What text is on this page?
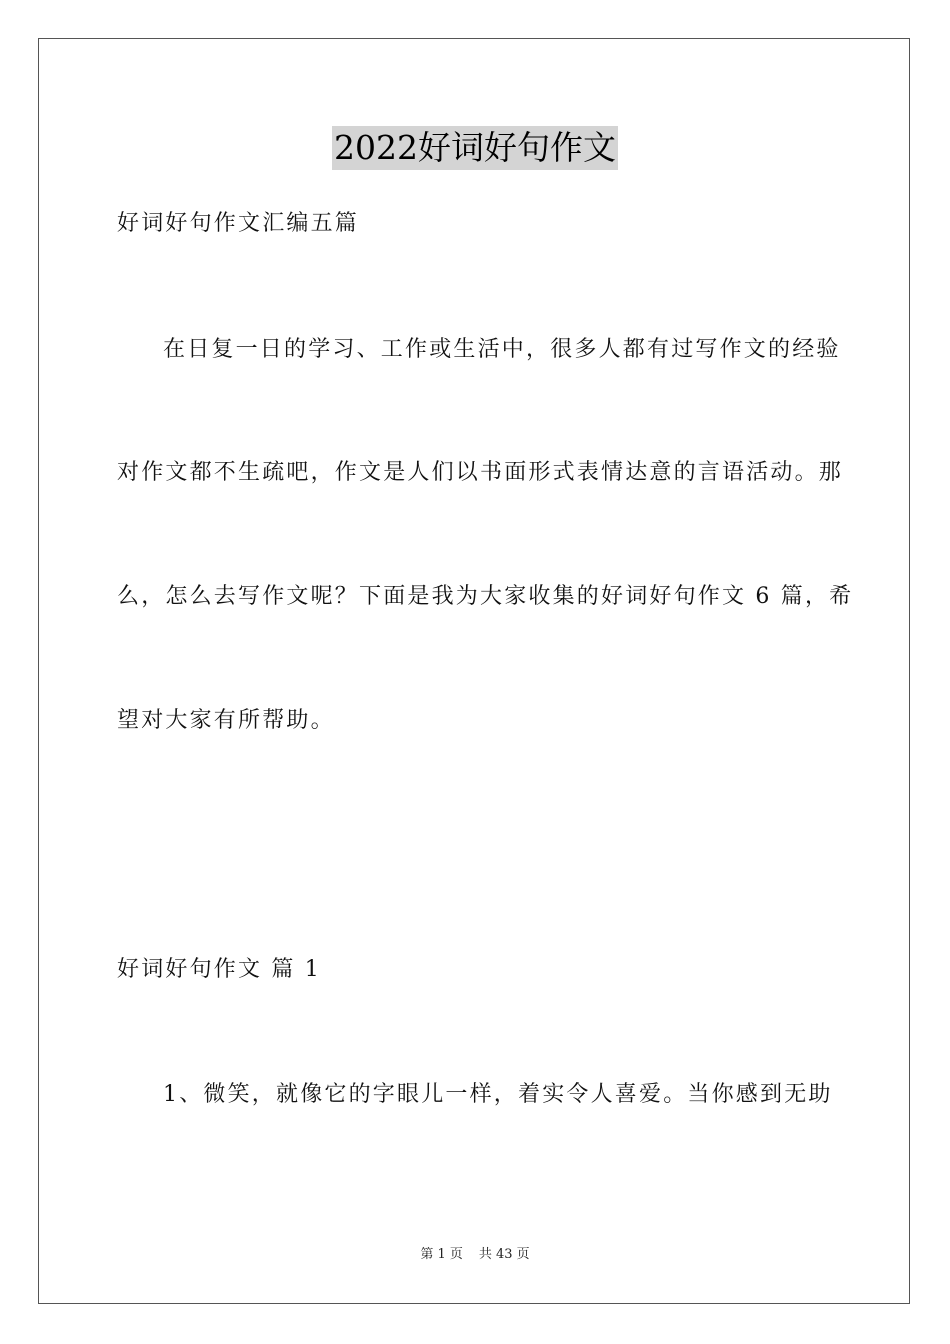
2022好词好句作文
好词好句作文汇编五篇
在日复一日的学习、工作或生活中，很多人都有过写作文的经验
对作文都不生疏吧，作文是人们以书面形式表情达意的言语活动。那
么，怎么去写作文呢？下面是我为大家收集的好词好句作文 6 篇，希
望对大家有所帮助。
好词好句作文 篇 1
1、微笑，就像它的字眼儿一样，着实令人喜爱。当你感到无助
第 1 页 共 43 页
